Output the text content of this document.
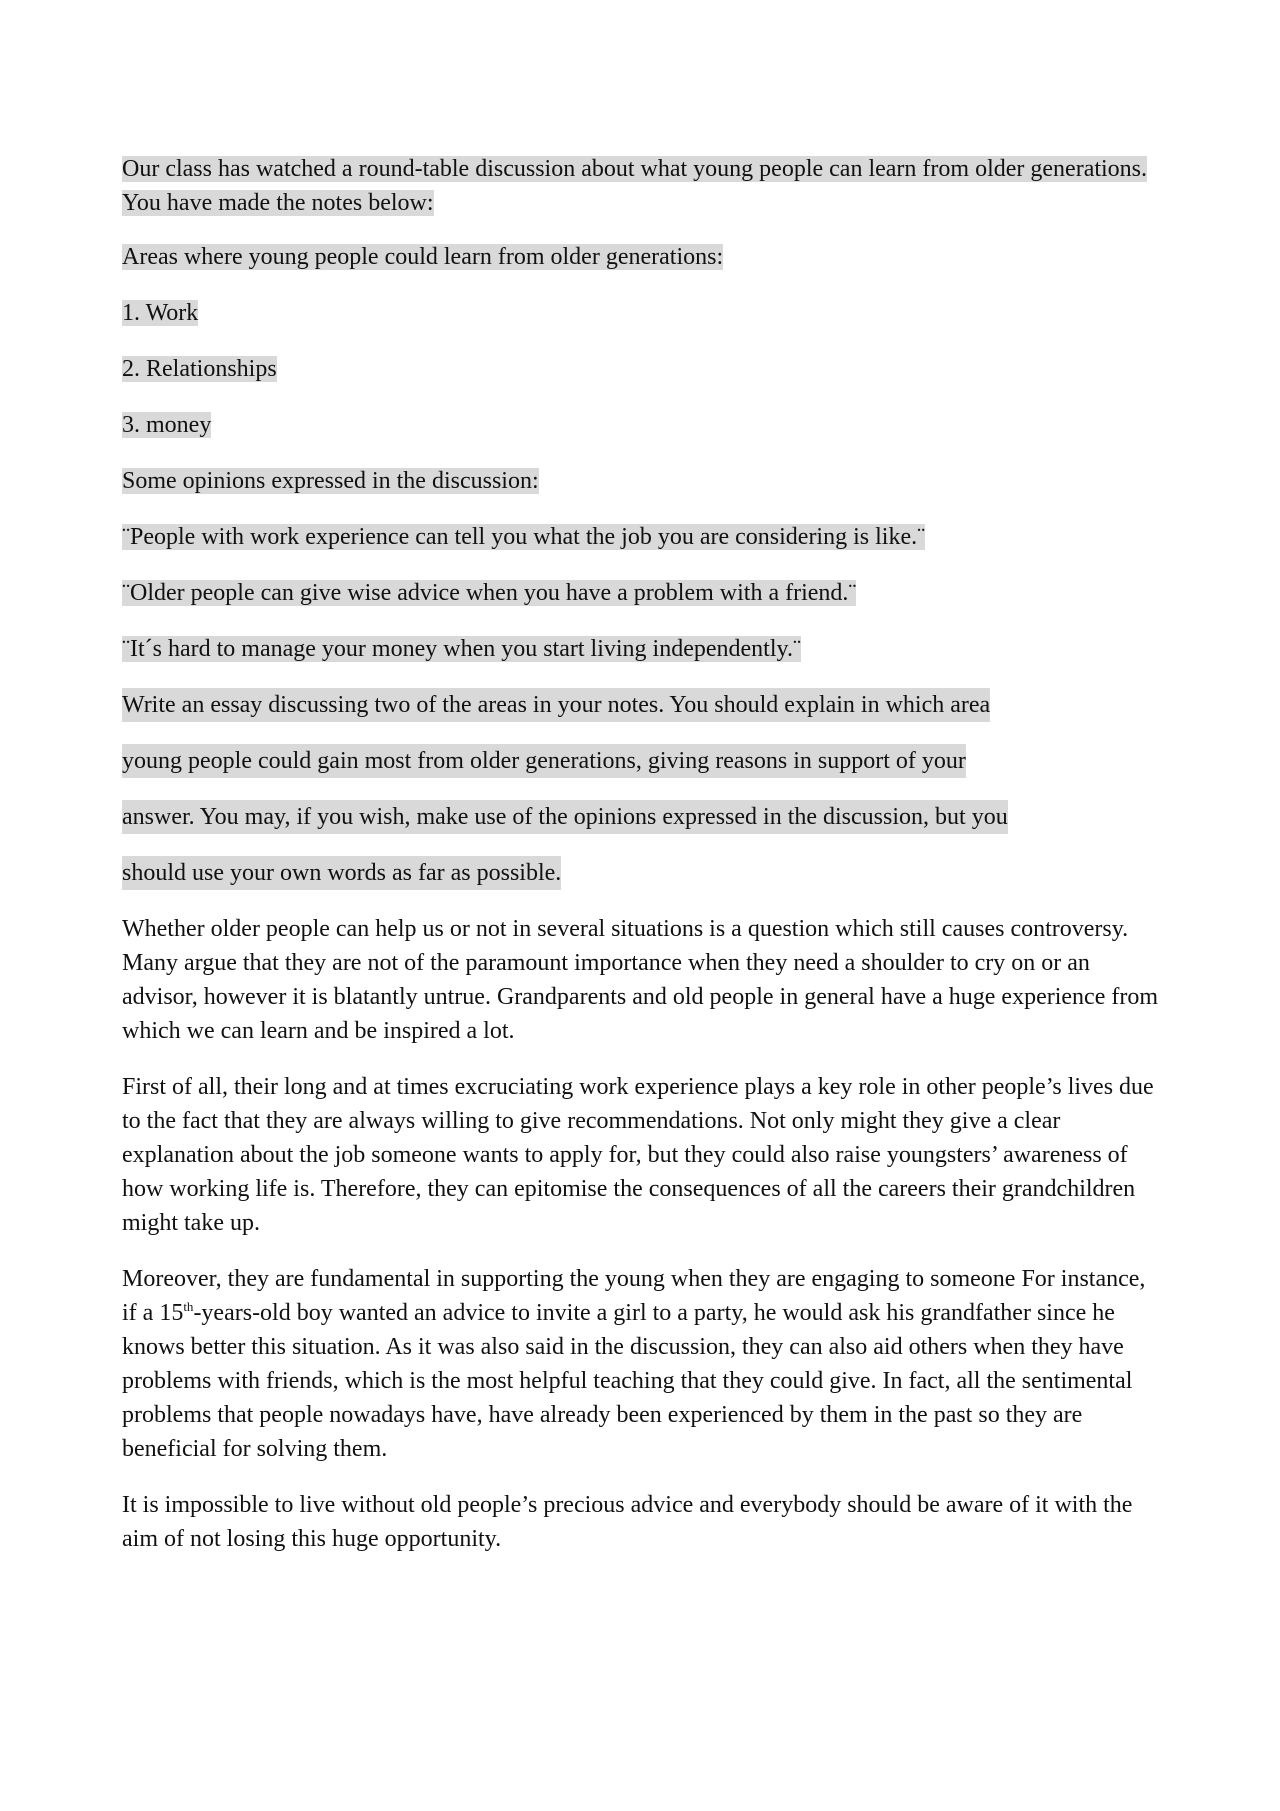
Our class has watched a round-table discussion about what young people can learn from older generations. You have made the notes below:

Areas where young people could learn from older generations:

1. Work

2. Relationships

3. money

Some opinions expressed in the discussion:

¨People with work experience can tell you what the job you are considering is like.¨

¨Older people can give wise advice when you have a problem with a friend.¨

¨It´s hard to manage your money when you start living independently.¨

Write an essay discussing two of the areas in your notes. You should explain in which area
young people could gain most from older generations, giving reasons in support of your
answer. You may, if you wish, make use of the opinions expressed in the discussion, but you
should use your own words as far as possible.

Whether older people can help us or not in several situations is a question which still causes controversy. Many argue that they are not of the paramount importance when they need a shoulder to cry on or an advisor, however it is blatantly untrue. Grandparents and old people in general have a huge experience from which we can learn and be inspired a lot.

First of all, their long and at times excruciating work experience plays a key role in other people’s lives due to the fact that they are always willing to give recommendations. Not only might they give a clear explanation about the job someone wants to apply for, but they could also raise youngsters’ awareness of how working life is. Therefore, they can epitomise the consequences of all the careers their grandchildren might take up.

Moreover, they are fundamental in supporting the young when they are engaging to someone For instance, if a 15th-years-old boy wanted an advice to invite a girl to a party, he would ask his grandfather since he knows better this situation. As it was also said in the discussion, they can also aid others when they have problems with friends, which is the most helpful teaching that they could give. In fact, all the sentimental problems that people nowadays have, have already been experienced by them in the past so they are beneficial for solving them.

It is impossible to live without old people’s precious advice and everybody should be aware of it with the aim of not losing this huge opportunity.
